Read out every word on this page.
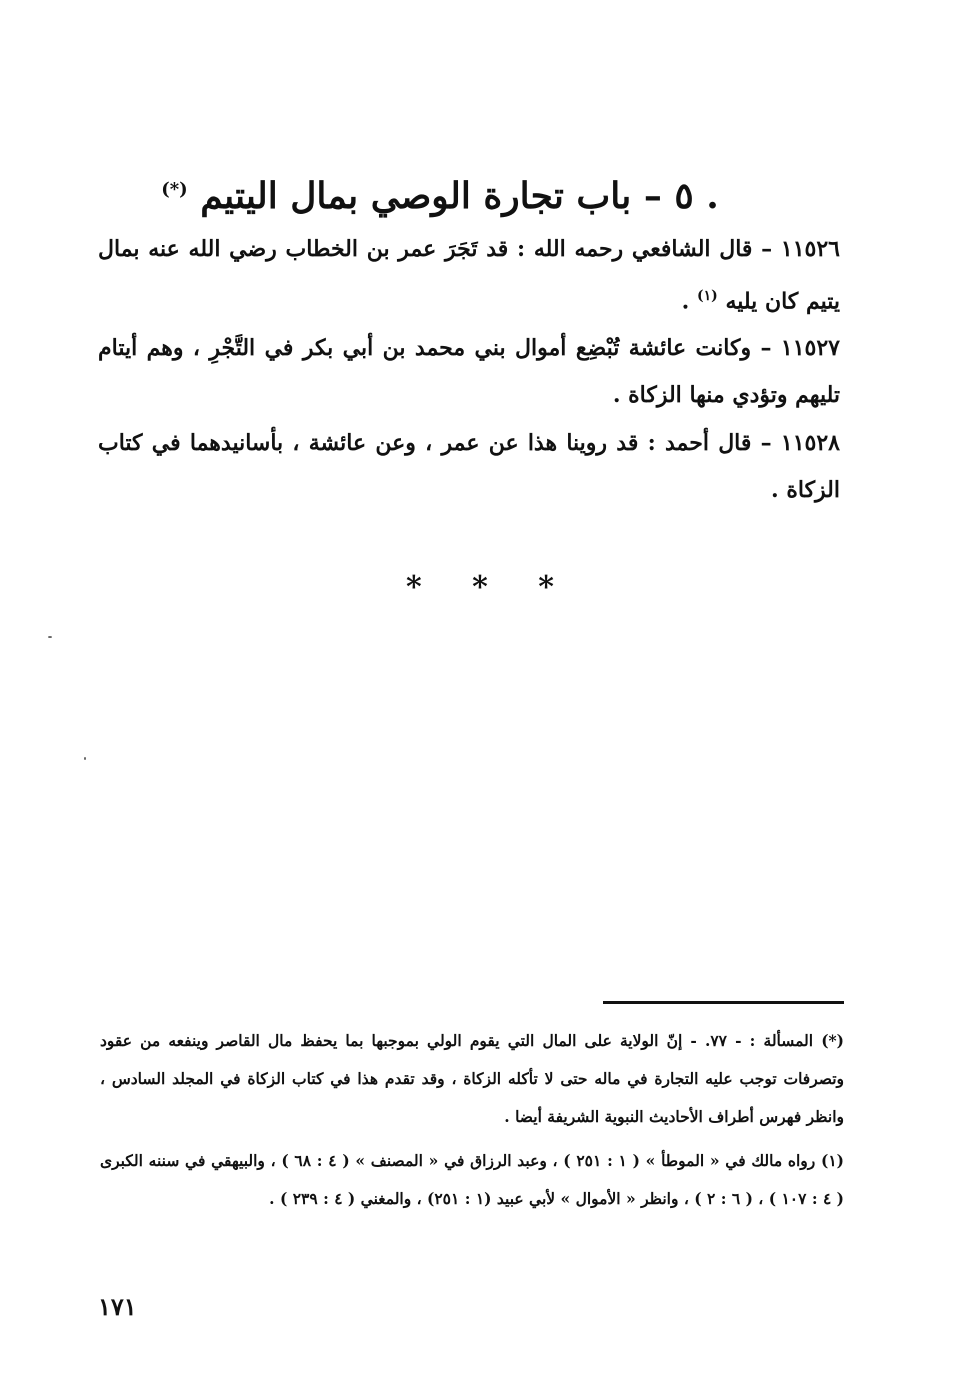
. ٥ – باب تجارة الوصي بمال اليتيم (*)
١١٥٢٦ – قال الشافعي رحمه الله : قد تَجَرَ عمر بن الخطاب رضي الله عنه بمال يتيم كان يليه $^{(١)}$ .
١١٥٢٧ – وكانت عائشة تُبْضِع أموال بني محمد بن أبي بكر في التَّجْرِ ، وهم أيتام تليهم وتؤدي منها الزكاة .
١١٥٢٨ – قال أحمد : قد روينا هذا عن عمر ، وعن عائشة ، بأسانيدهما في كتاب الزكاة .
* * *
(*) المسألة : - ٧٧. - إنّ الولاية على المال التي يقوم الولي بموجبها بما يحفظ مال القاصر وينفعه من عقود وتصرفات توجب عليه التجارة في ماله حتى لا تأكله الزكاة ، وقد تقدم هذا في كتاب الزكاة في المجلد السادس ، وانظر فهرس أطراف الأحاديث النبوية الشريفة أيضا .
(١) رواه مالك في « الموطأ » ( ١ : ٢٥١ ) ، وعبد الرزاق في « المصنف » ( ٤ : ٦٨ ) ، والبيهقي في سننه الكبرى ( ٤ : ١٠٧ ) ، ( ٦ : ٢ ) ، وانظر « الأموال » لأبي عبيد (١ : ٢٥١) ، والمغني ( ٤ : ٢٣٩ ) .
١٧١
